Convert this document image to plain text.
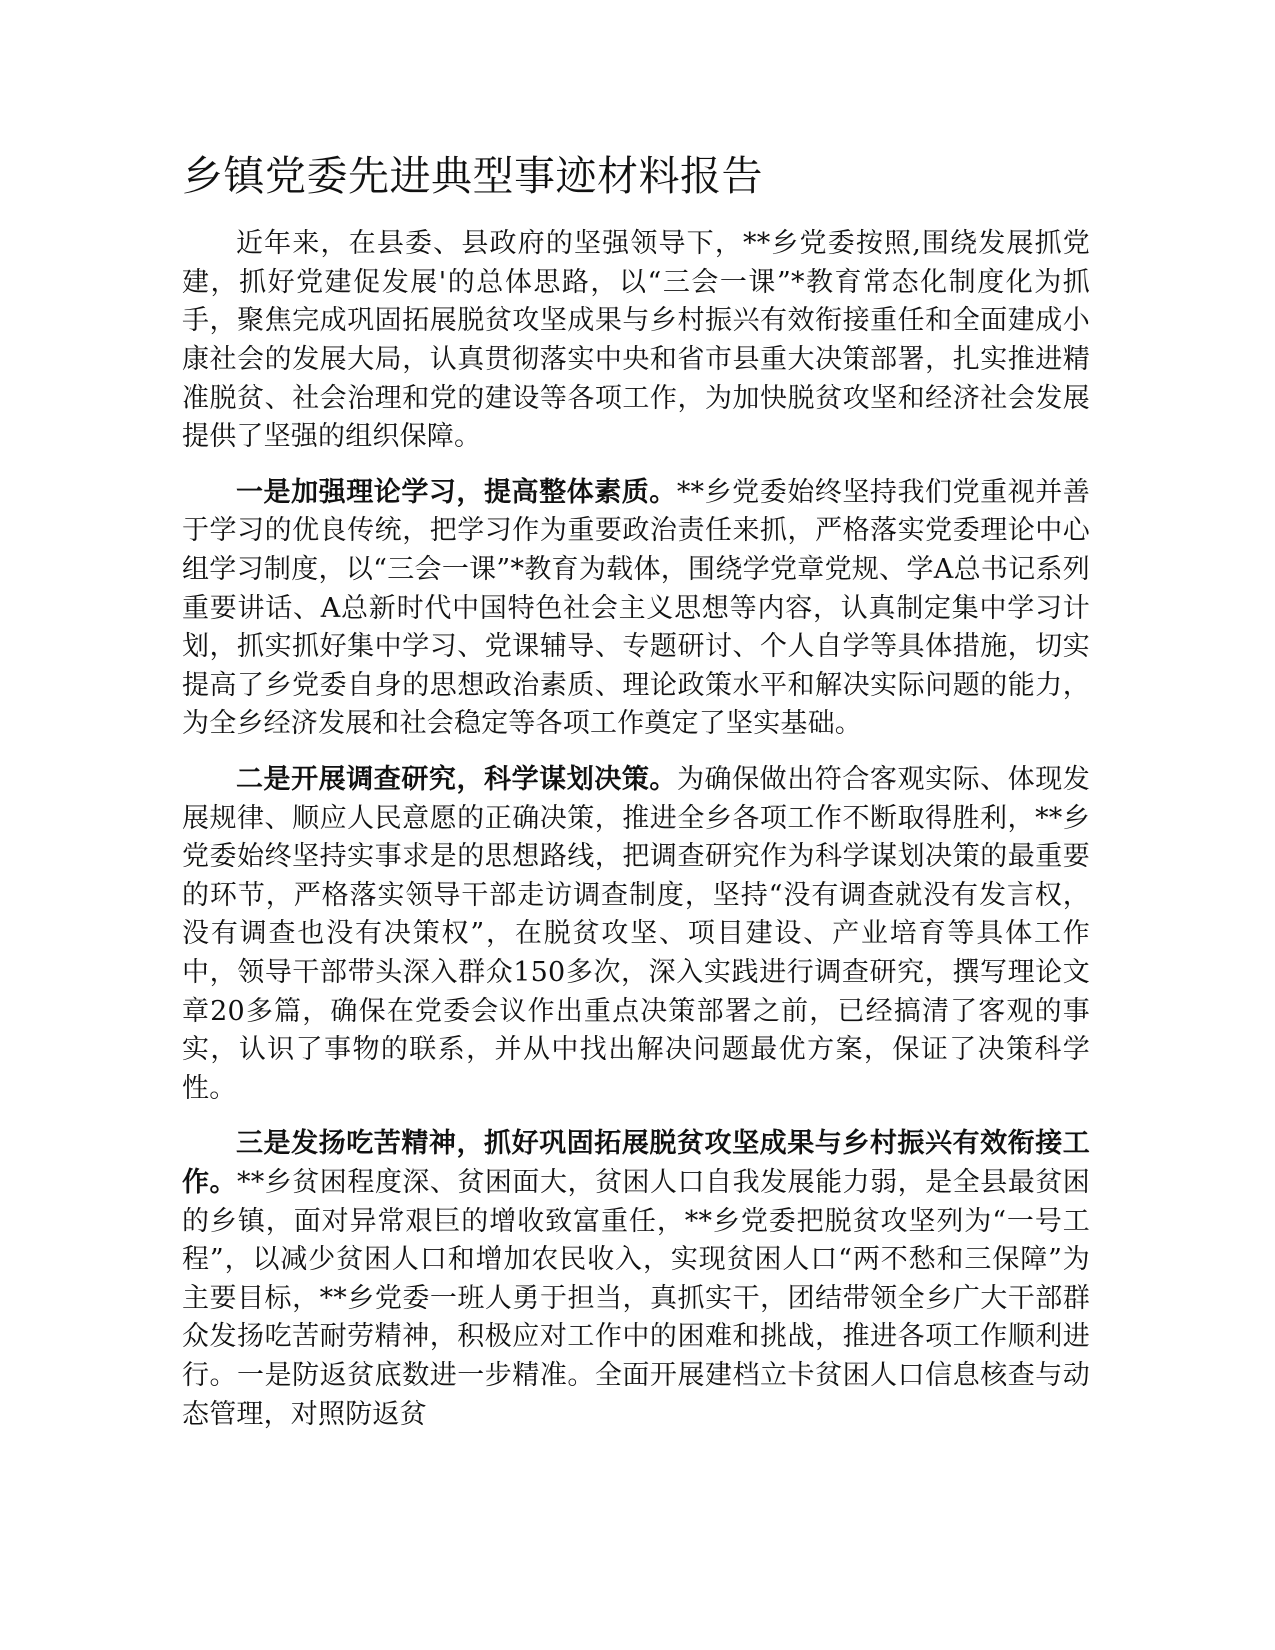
乡镇党委先进典型事迹材料报告

近年来，在县委、县政府的坚强领导下，**乡党委按照,围绕发展抓党建，抓好党建促发展'的总体思路，以“三会一课”*教育常态化制度化为抓手，聚焦完成巩固拓展脱贫攻坚成果与乡村振兴有效衔接重任和全面建成小康社会的发展大局，认真贯彻落实中央和省市县重大决策部署，扎实推进精准脱贫、社会治理和党的建设等各项工作，为加快脱贫攻坚和经济社会发展提供了坚强的组织保障。

一是加强理论学习，提高整体素质。**乡党委始终坚持我们党重视并善于学习的优良传统，把学习作为重要政治责任来抓，严格落实党委理论中心组学习制度，以“三会一课”*教育为载体，围绕学党章党规、学A总书记系列重要讲话、A总新时代中国特色社会主义思想等内容，认真制定集中学习计划，抓实抓好集中学习、党课辅导、专题研讨、个人自学等具体措施，切实提高了乡党委自身的思想政治素质、理论政策水平和解决实际问题的能力，为全乡经济发展和社会稳定等各项工作奠定了坚实基础。

二是开展调查研究，科学谋划决策。为确保做出符合客观实际、体现发展规律、顺应人民意愿的正确决策，推进全乡各项工作不断取得胜利，**乡党委始终坚持实事求是的思想路线，把调查研究作为科学谋划决策的最重要的环节，严格落实领导干部走访调查制度，坚持“没有调查就没有发言权，没有调查也没有决策权”，在脱贫攻坚、项目建设、产业培育等具体工作中，领导干部带头深入群众150多次，深入实践进行调查研究，撰写理论文章20多篇，确保在党委会议作出重点决策部署之前，已经搞清了客观的事实，认识了事物的联系，并从中找出解决问题最优方案，保证了决策科学性。

三是发扬吃苦精神，抓好巩固拓展脱贫攻坚成果与乡村振兴有效衔接工作。**乡贫困程度深、贫困面大，贫困人口自我发展能力弱，是全县最贫困的乡镇，面对异常艰巨的增收致富重任，**乡党委把脱贫攻坚列为“一号工程”，以减少贫困人口和增加农民收入，实现贫困人口“两不愁和三保障”为主要目标，**乡党委一班人勇于担当，真抓实干，团结带领全乡广大干部群众发扬吃苦耐劳精神，积极应对工作中的困难和挑战，推进各项工作顺利进行。一是防返贫底数进一步精准。全面开展建档立卡贫困人口信息核查与动态管理，对照防返贫
